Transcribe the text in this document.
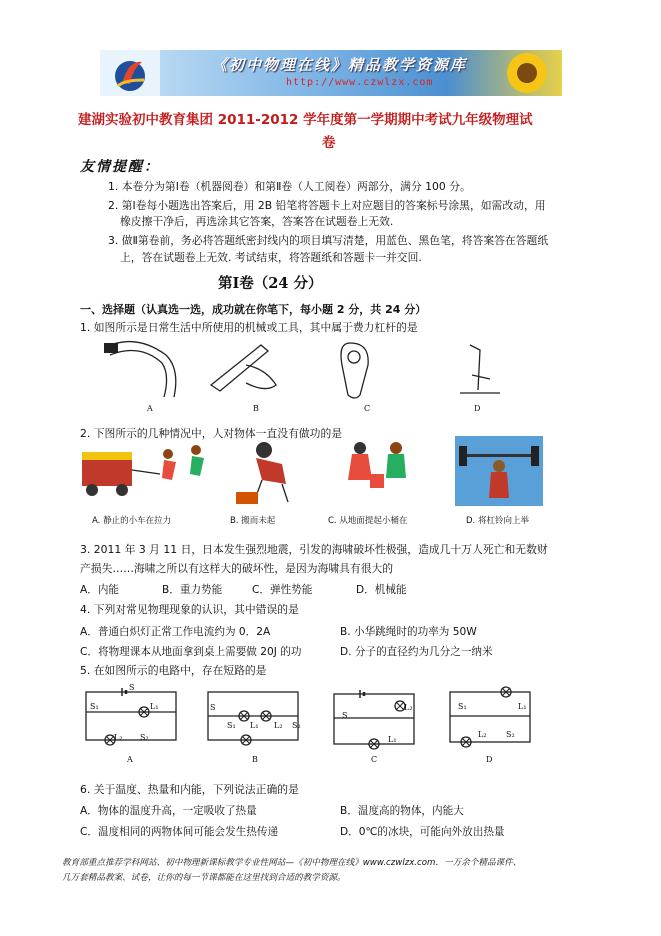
《初中物理在线》精品教学资源库
http://www.czwlzx.com
建湖实验初中教育集团 2011-2012 学年度第一学期期中考试九年级物理试
卷
友情提醒：
1. 本卷分为第Ⅰ卷（机器阅卷）和第Ⅱ卷（人工阅卷）两部分，满分 100 分。
2. 第Ⅰ卷每小题选出答案后，用 2B 铅笔将答题卡上对应题目的答案标号涂黑，如需改动，用
橡皮擦干净后，再选涂其它答案，答案答在试题卷上无效.
3. 做Ⅱ第卷前，务必将答题纸密封线内的项目填写清楚，用蓝色、黑色笔，将答案答在答题纸
上，答在试题卷上无效. 考试结束，将答题纸和答题卡一并交回.
第Ⅰ卷（24 分）
一、选择题（认真选一选，成功就在你笔下，每小题 2 分，共 24 分）
1. 如图所示是日常生活中所使用的机械或工具，其中属于费力杠杆的是
A	B	C	D
2. 下图所示的几种情况中，人对物体一直没有做功的是
A. 静止的小车在拉力	B. 搬而未起	C. 从地面提起小桶在	D. 将杠铃向上举
3. 2011 年 3 月 11 日，日本发生强烈地震，引发的海啸破坏性极强，造成几十万人死亡和无数财
产损失……海啸之所以有这样大的破坏性，是因为海啸具有很大的
A．内能	B．重力势能	C．弹性势能	D．机械能
4. 下列对常见物理现象的认识，其中错误的是
A．普通白炽灯正常工作电流约为 0．2A	B. 小华跳绳时的功率为 50W
C．将物理课本从地面拿到桌上需要做 20J 的功	D. 分子的直径约为几分之一纳米
5. 在如图所示的电路中，存在短路的是
S
S₁	L₁
L₂ S₂
S
S₁ L₁ L₂ S₂
S
L₂
L₁
S₁	L₁
L₂ S₂
A	B	C	D
6. 关于温度、热量和内能，下列说法正确的是
A．物体的温度升高，一定吸收了热量	B．温度高的物体，内能大
C．温度相同的两物体间可能会发生热传递	D．0℃的冰块，可能向外放出热量
教育部重点推荐学科网站、初中物理新课标教学专业性网站—《初中物理在线》www.czwlzx.com．一万余个精品课件、
几万套精品教案、试卷，让你的每一节课都能在这里找到合适的教学资源。
